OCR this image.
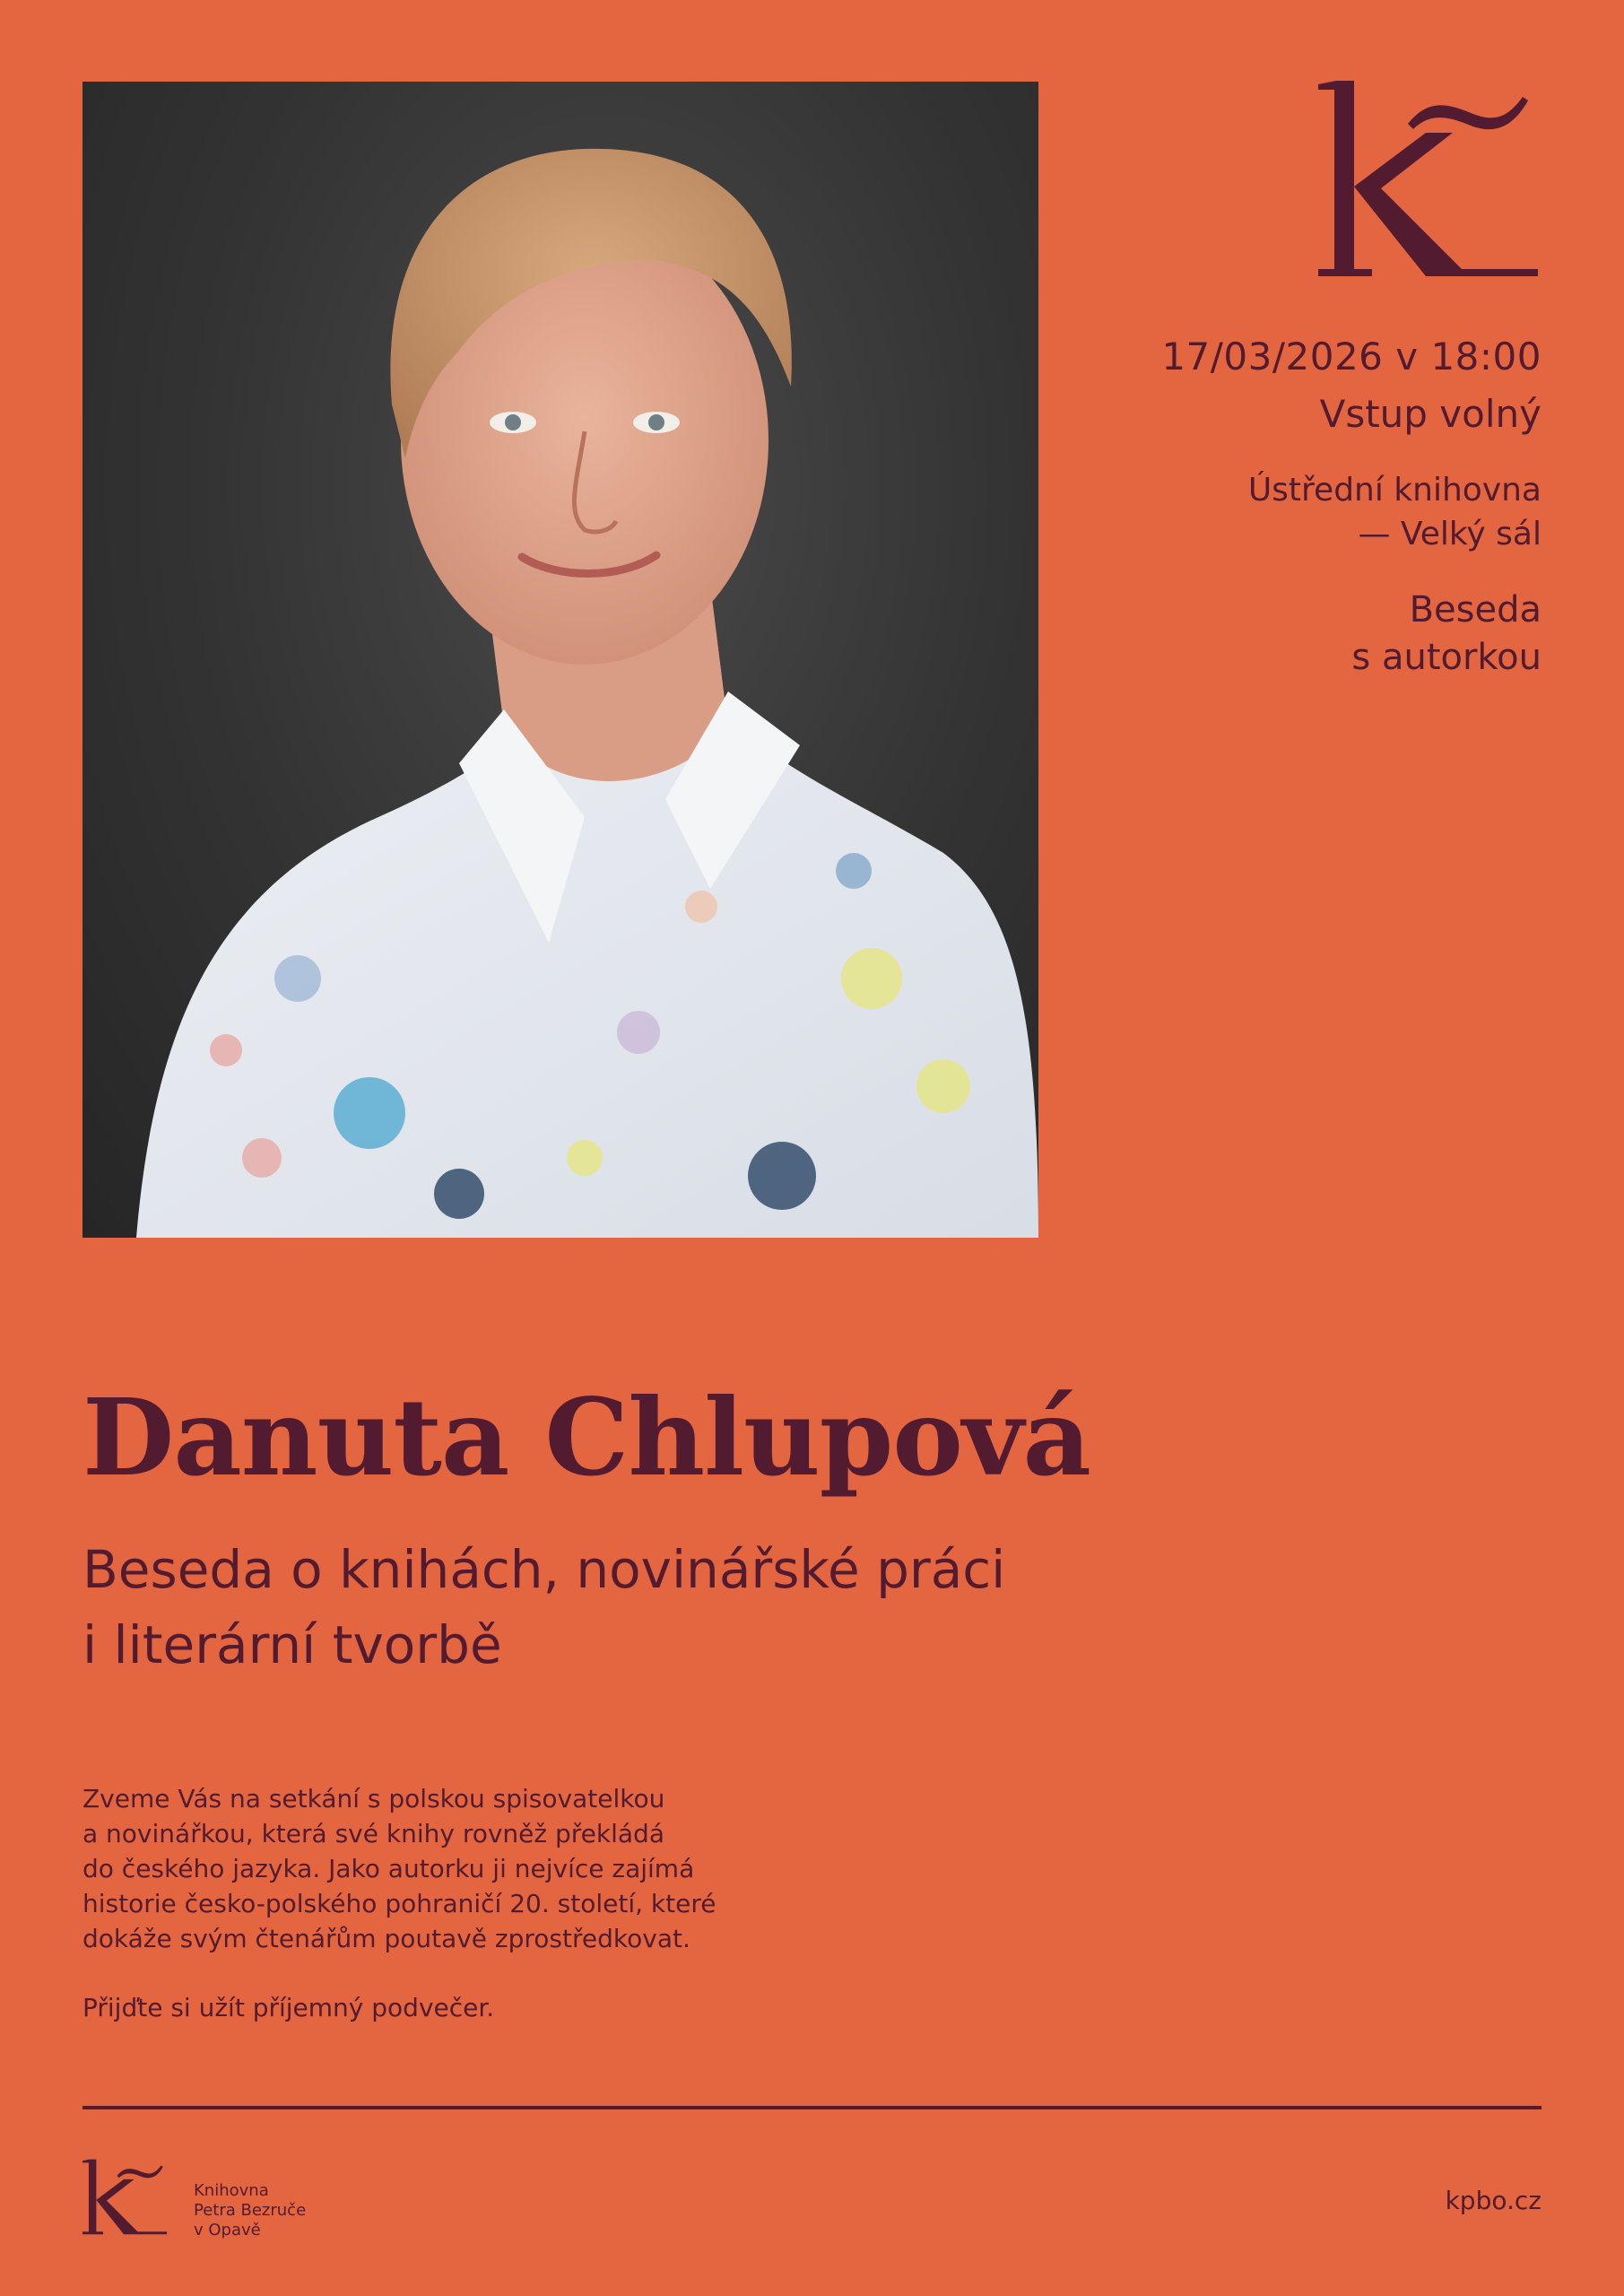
17/03/2026 v 18:00
Vstup volný
Ústřední knihovna
— Velký sál
Beseda
s autorkou
Danuta Chlupová
Beseda o knihách, novinářské práci
i literární tvorbě

Zveme Vás na setkání s polskou spisovatelkou
a novinářkou, která své knihy rovněž překládá
do českého jazyka. Jako autorku ji nejvíce zajímá
historie česko-polského pohraničí 20. století, které
dokáže svým čtenářům poutavě zprostředkovat.

Přijďte si užít příjemný podvečer.

Knihovna
Petra Bezruče
v Opavě
kpbo.cz
